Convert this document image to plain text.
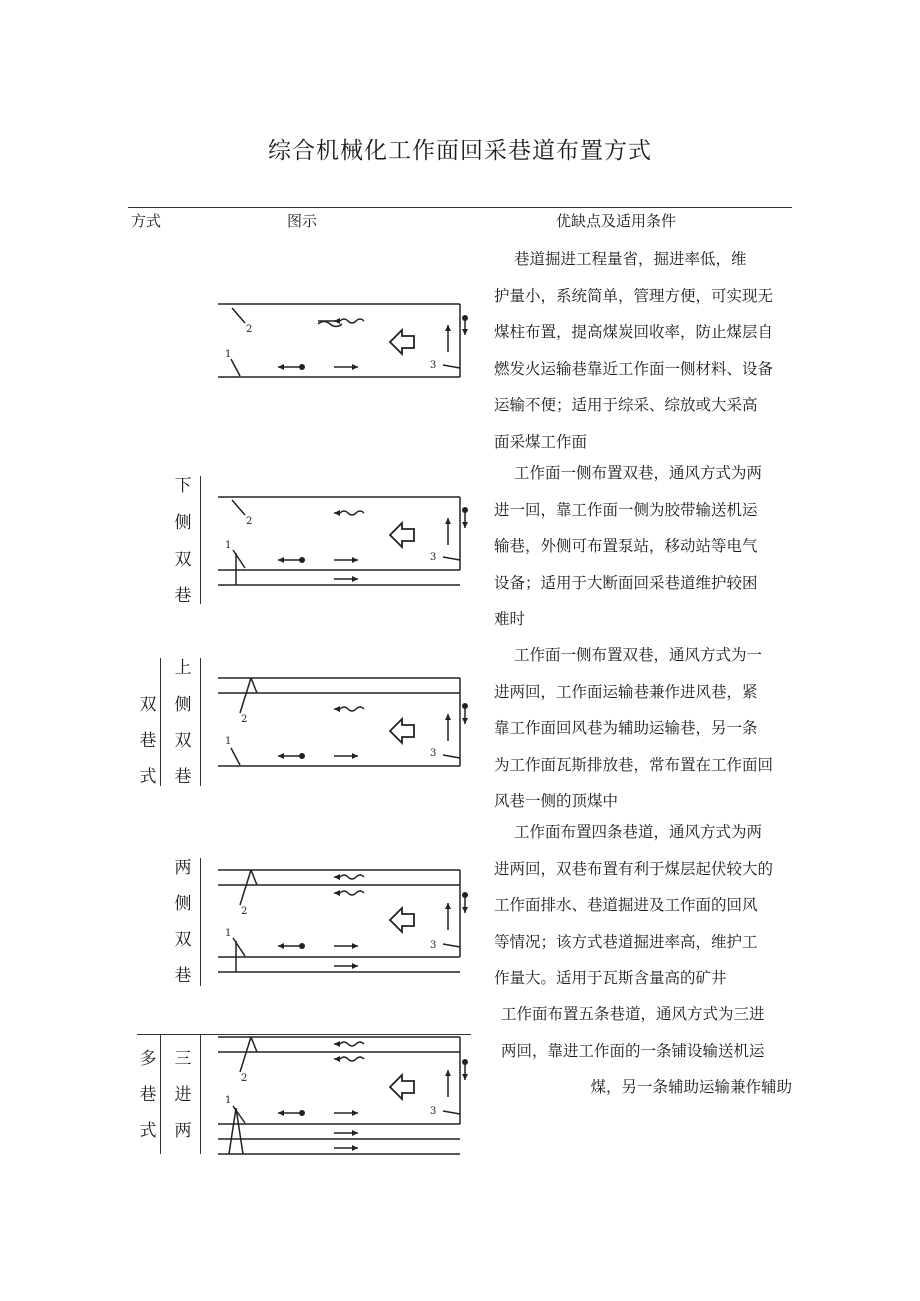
综合机械化工作面回采巷道布置方式
方式	图示	优缺点及适用条件
双
巷
式
多
巷
式
下
侧
双
巷
上
侧
双
巷
两
侧
双
巷
三
进
两
巷道掘进工程量省，掘进率低，维
护量小，系统简单，管理方便，可实现无
煤柱布置，提高煤炭回收率，防止煤层自
燃发火运输巷靠近工作面一侧材料、设备
运输不便；适用于综采、综放或大采高
面采煤工作面
工作面一侧布置双巷，通风方式为两
进一回，靠工作面一侧为胶带输送机运
输巷，外侧可布置泵站，移动站等电气
设备；适用于大断面回采巷道维护较困
难时
工作面一侧布置双巷，通风方式为一
进两回，工作面运输巷兼作进风巷，紧
靠工作面回风巷为辅助运输巷，另一条
为工作面瓦斯排放巷，常布置在工作面回
风巷一侧的顶煤中
工作面布置四条巷道，通风方式为两
进两回，双巷布置有利于煤层起伏较大的
工作面排水、巷道掘进及工作面的回风
等情况；该方式巷道掘进率高，维护工
作量大。适用于瓦斯含量高的矿井
工作面布置五条巷道，通风方式为三进
两回，靠进工作面的一条铺设输送机运
煤，另一条辅助运输兼作辅助
2
1
3
2
1
3
2
1
3
2
1
3
2
1
3
